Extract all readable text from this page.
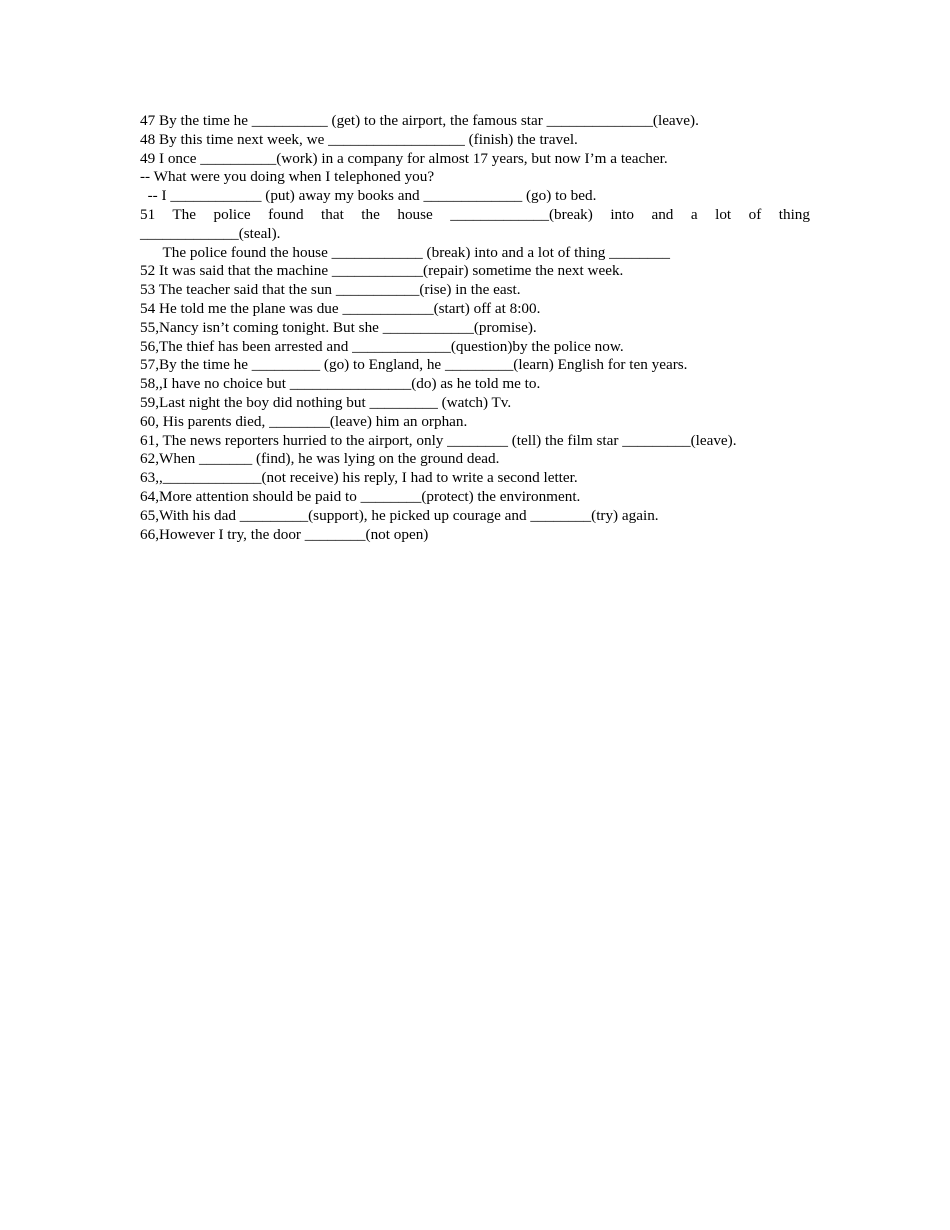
47 By the time he __________ (get) to the airport, the famous star ______________(leave).
48 By this time next week, we __________________ (finish) the travel.
49 I once __________(work) in a company for almost 17 years, but now I’m a teacher.
-- What were you doing when I telephoned you?
-- I ____________ (put) away my books and _____________ (go) to bed.
51 The police found that the house _____________(break) into and a lot of thing
_____________(steal).
The police found the house ____________ (break) into and a lot of thing ________
52 It was said that the machine ____________(repair) sometime the next week.
53 The teacher said that the sun ___________(rise) in the east.
54 He told me the plane was due ____________(start) off at 8:00.
55,Nancy isn’t coming tonight. But she ____________(promise).
56,The thief has been arrested and _____________(question)by the police now.
57,By the time he _________ (go) to England, he _________(learn) English for ten years.
58,,I have no choice but ________________(do) as he told me to.
59,Last night the boy did nothing but _________ (watch) Tv.
60, His parents died, ________(leave) him an orphan.
61, The news reporters hurried to the airport, only ________ (tell) the film star _________(leave).
62,When _______ (find), he was lying on the ground dead.
63,,_____________(not receive) his reply, I had to write a second letter.
64,More attention should be paid to ________(protect) the environment.
65,With his dad _________(support), he picked up courage and ________(try) again.
66,However I try, the door ________(not open)
